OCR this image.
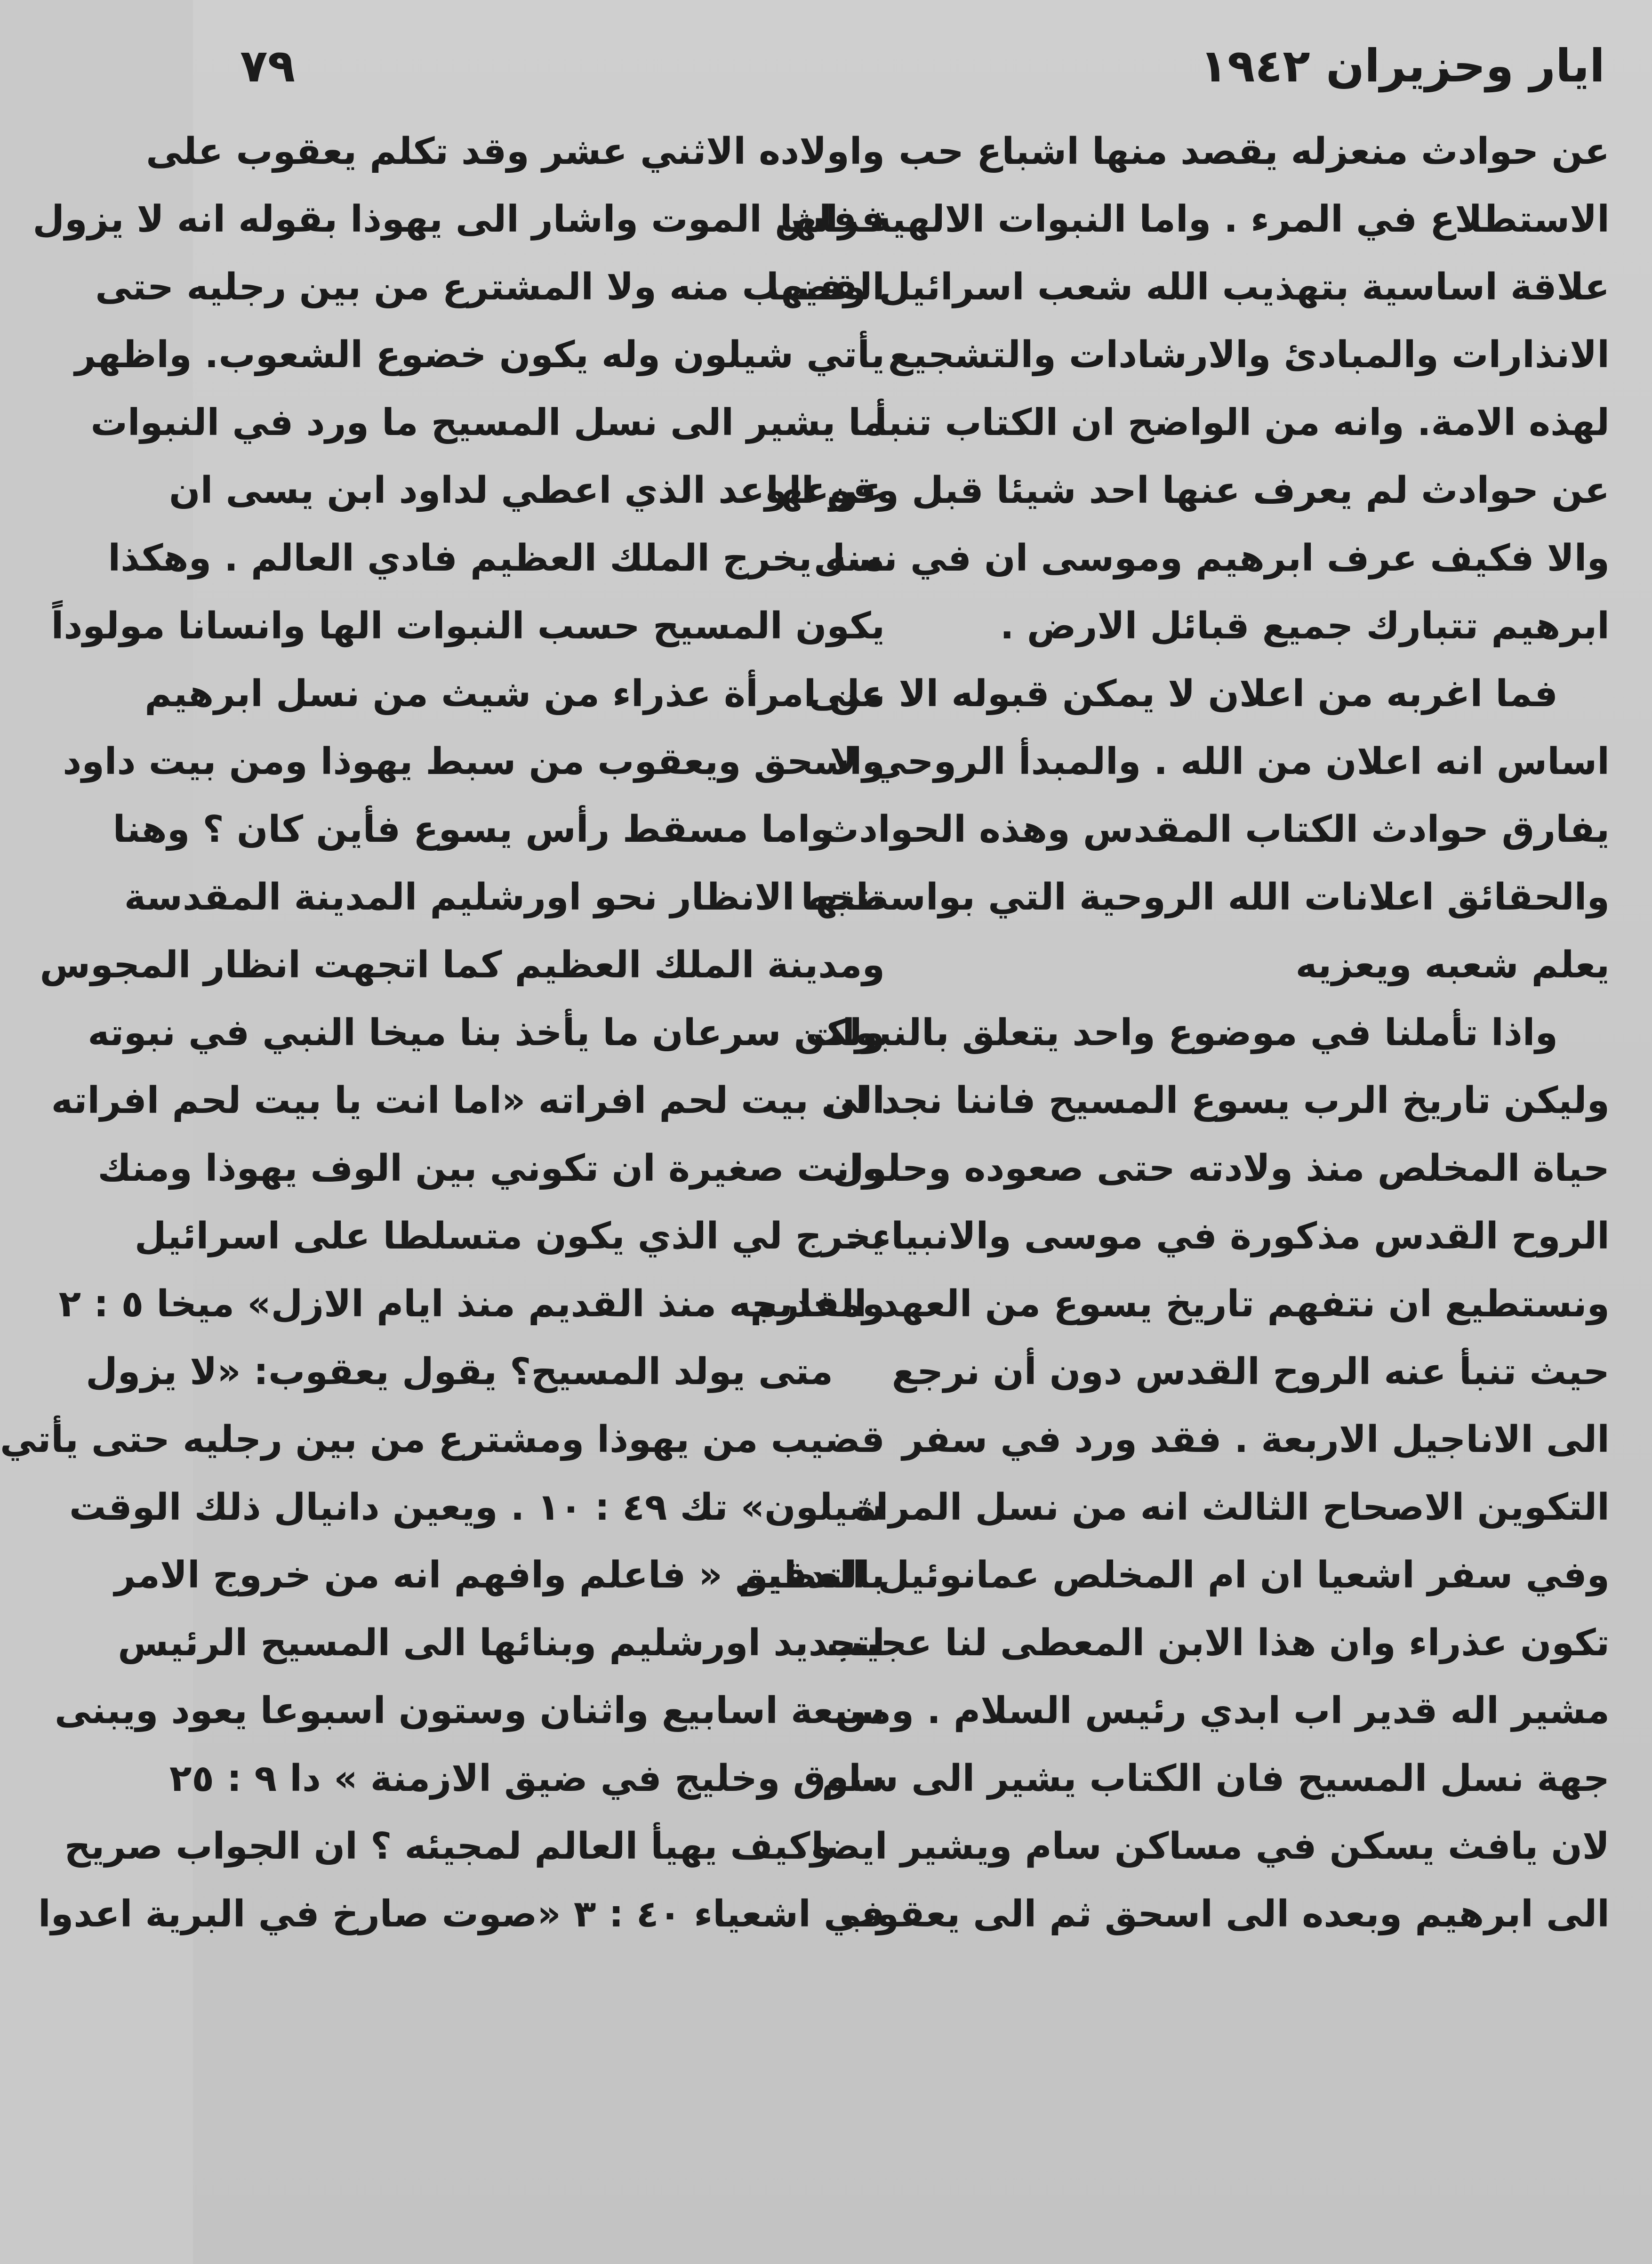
ايار وحزيران ١٩٤٢
٧٩
عن حوادث منعزله يقصد منها اشباع حب
الاستطلاع في المرء . واما النبوات الالهية فلها
علاقة اساسية بتهذيب الله شعب اسرائيل وفيها
الانذارات والمبادئ والارشادات والتشجيع
لهذه الامة. وانه من الواضح ان الكتاب تنبأ
عن حوادث لم يعرف عنها احد شيئا قبل وقوعها
والا فكيف عرف ابرهيم وموسى ان في نسل
ابرهيم تتبارك جميع قبائل الارض .
فما اغربه من اعلان لا يمكن قبوله الا على
اساس انه اعلان من الله . والمبدأ الروحي لا
يفارق حوادث الكتاب المقدس وهذه الحوادث
والحقائق اعلانات الله الروحية التي بواسطتها
يعلم شعبه ويعزيه
واذا تأملنا في موضوع واحد يتعلق بالنبوات
وليكن تاريخ الرب يسوع المسيح فاننا نجد ان
حياة المخلص منذ ولادته حتى صعوده وحلول
الروح القدس مذكورة في موسى والانبياء .
ونستطيع ان نتفهم تاريخ يسوع من العهد القديم
حيث تنبأ عنه الروح القدس دون أن نرجع
الى الاناجيل الاربعة . فقد ورد في سفر
التكوين الاصحاح الثالث انه من نسل المراة
وفي سفر اشعيا ان ام المخلص عمانوئيل العظيم
تكون عذراء وان هذا الابن المعطى لنا عجيب
مشير اله قدير اب ابدي رئيس السلام . ومن
جهة نسل المسيح فان الكتاب يشير الى سام
لان يافث يسكن في مساكن سام ويشير ايضا
الى ابرهيم وبعده الى اسحق ثم الى يعقوب
واولاده الاثني عشر وقد تكلم يعقوب على
فراش الموت واشار الى يهوذا بقوله انه لا يزول
القضيب منه ولا المشترع من بين رجليه حتى
يأتي شيلون وله يكون خضوع الشعوب. واظهر
ما يشير الى نسل المسيح ما ورد في النبوات
عن الوعد الذي اعطي لداود ابن يسى ان
منه يخرج الملك العظيم فادي العالم . وهكذا
يكون المسيح حسب النبوات الها وانسانا مولوداً
من امرأة عذراء من شيث من نسل ابرهيم
واسحق ويعقوب من سبط يهوذا ومن بيت داود
واما مسقط رأس يسوع فأين كان ؟ وهنا
تتجه الانظار نحو اورشليم المدينة المقدسة
ومدينة الملك العظيم كما اتجهت انظار المجوس
ولكن سرعان ما يأخذ بنا ميخا النبي في نبوته
الى بيت لحم افراته «اما انت يا بيت لحم افراته
وانت صغيرة ان تكوني بين الوف يهوذا ومنك
يخرج لي الذي يكون متسلطا على اسرائيل
ومخارجه منذ القديم منذ ايام الازل» ميخا ٥ : ٢
متى يولد المسيح؟ يقول يعقوب: «لا يزول
قضيب من يهوذا ومشترع من بين رجليه حتى يأتي
شيلون» تك ٤٩ : ١٠ . ويعين دانيال ذلك الوقت
بالتدقيق « فاعلم وافهم انه من خروج الامر
لتجديد اورشليم وبنائها الى المسيح الرئيس
سبعة اسابيع واثنان وستون اسبوعا يعود ويبنى
سوق وخليج في ضيق الازمنة » دا ٩ : ٢٥
وكيف يهيأ العالم لمجيئه ؟ ان الجواب صريح
في اشعياء ٤٠ : ٣ «صوت صارخ في البرية اعدوا
